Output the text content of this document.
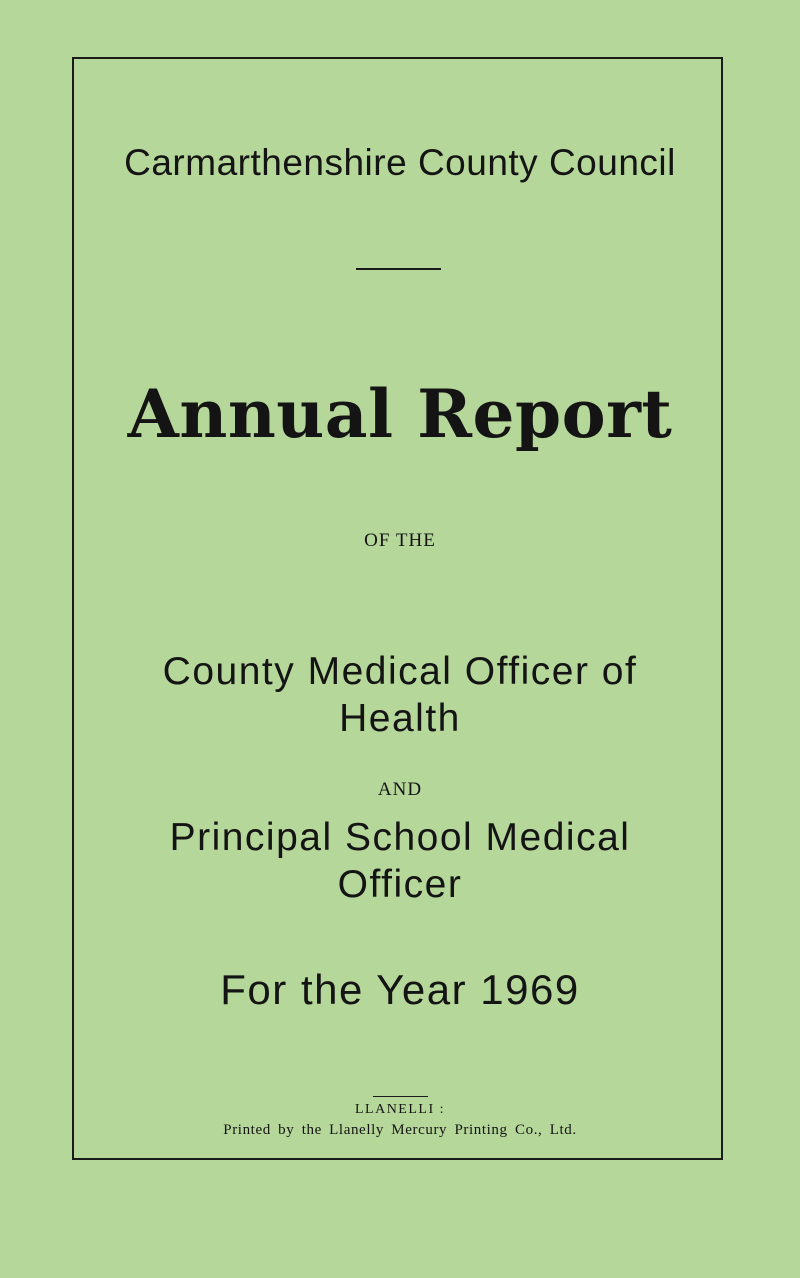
Carmarthenshire County Council

Annual Report

OF THE

County Medical Officer of
Health

AND

Principal School Medical
Officer

For the Year 1969

LLANELLI :

Printed by the Llanelly Mercury Printing Co., Ltd.
